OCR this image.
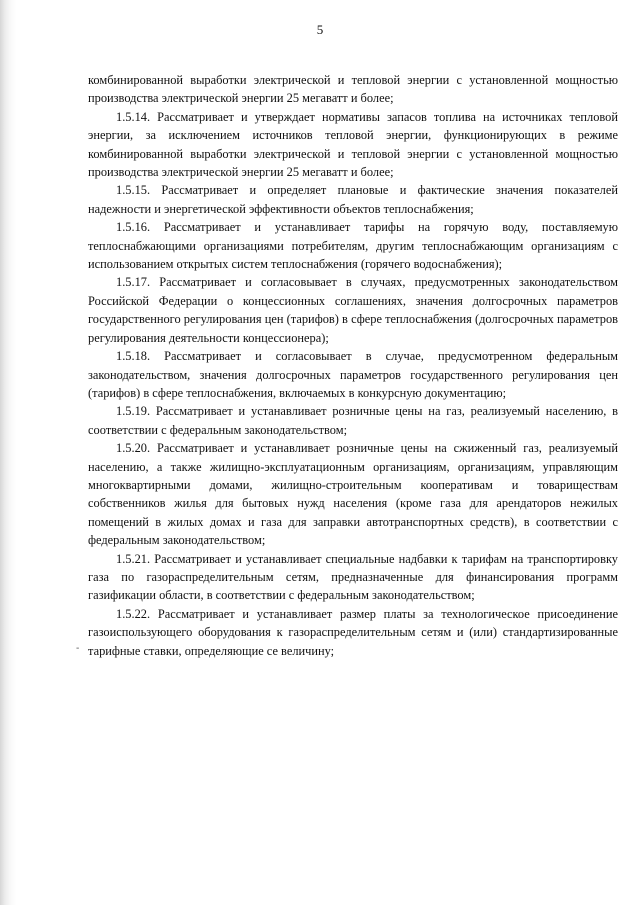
5

комбинированной выработки электрической и тепловой энергии с установленной мощностью производства электрической энергии 25 мегаватт и более;

1.5.14. Рассматривает и утверждает нормативы запасов топлива на источниках тепловой энергии, за исключением источников тепловой энергии, функционирующих в режиме комбинированной выработки электрической и тепловой энергии с установленной мощностью производства электрической энергии 25 мегаватт и более;

1.5.15. Рассматривает и определяет плановые и фактические значения показателей надежности и энергетической эффективности объектов теплоснабжения;

1.5.16. Рассматривает и устанавливает тарифы на горячую воду, поставляемую теплоснабжающими организациями потребителям, другим теплоснабжающим организациям с использованием открытых систем теплоснабжения (горячего водоснабжения);

1.5.17. Рассматривает и согласовывает в случаях, предусмотренных законодательством Российской Федерации о концессионных соглашениях, значения долгосрочных параметров государственного регулирования цен (тарифов) в сфере теплоснабжения (долгосрочных параметров регулирования деятельности концессионера);

1.5.18. Рассматривает и согласовывает в случае, предусмотренном федеральным законодательством, значения долгосрочных параметров государственного регулирования цен (тарифов) в сфере теплоснабжения, включаемых в конкурсную документацию;

1.5.19. Рассматривает и устанавливает розничные цены на газ, реализуемый населению, в соответствии с федеральным законодательством;

1.5.20. Рассматривает и устанавливает розничные цены на сжиженный газ, реализуемый населению, а также жилищно-эксплуатационным организациям, организациям, управляющим многоквартирными домами, жилищно-строительным кооперативам и товариществам собственников жилья для бытовых нужд населения (кроме газа для арендаторов нежилых помещений в жилых домах и газа для заправки автотранспортных средств), в соответствии с федеральным законодательством;

1.5.21. Рассматривает и устанавливает специальные надбавки к тарифам на транспортировку газа по газораспределительным сетям, предназначенные для финансирования программ газификации области, в соответствии с федеральным законодательством;

1.5.22. Рассматривает и устанавливает размер платы за технологическое присоединение газоиспользующего оборудования к газораспределительным сетям и (или) стандартизированные тарифные ставки, определяющие се величину;

-
